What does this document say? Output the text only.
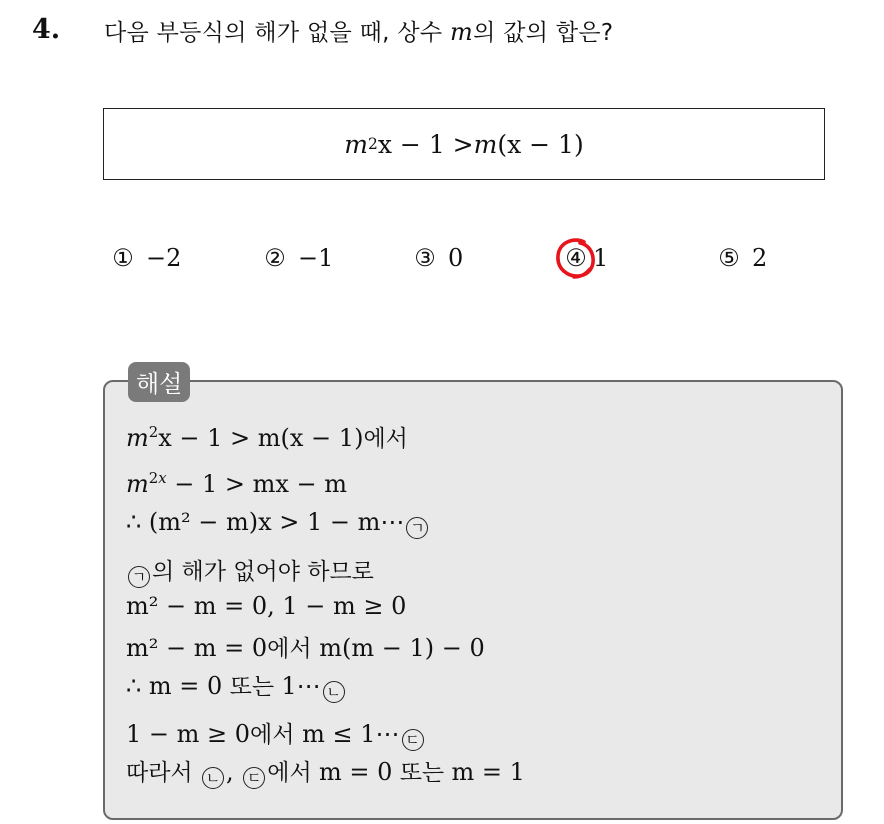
4. 다음 부등식의 해가 없을 때, 상수 m의 값의 합은?
m 2 x − 1 > m (x − 1)
① −2	② −1	③ 0	④ 1	⑤ 2
해설
$m^2x - 1 > m(x - 1)$에서
$m^{2x} - 1$ > mx − m
∴ (m² − m)x > 1 − m⋯ ㄱ
ㄱ 의 해가 없어야 하므로
m² − m = 0, 1 − m ≥ 0
m² − m = 0에서 m(m − 1) − 0
∴ m = 0 또는 1⋯ ㄴ
1 − m ≥ 0에서 m ≤ 1⋯ ㄷ
따라서 ㄴ , ㄷ 에서 m = 0 또는 m = 1
